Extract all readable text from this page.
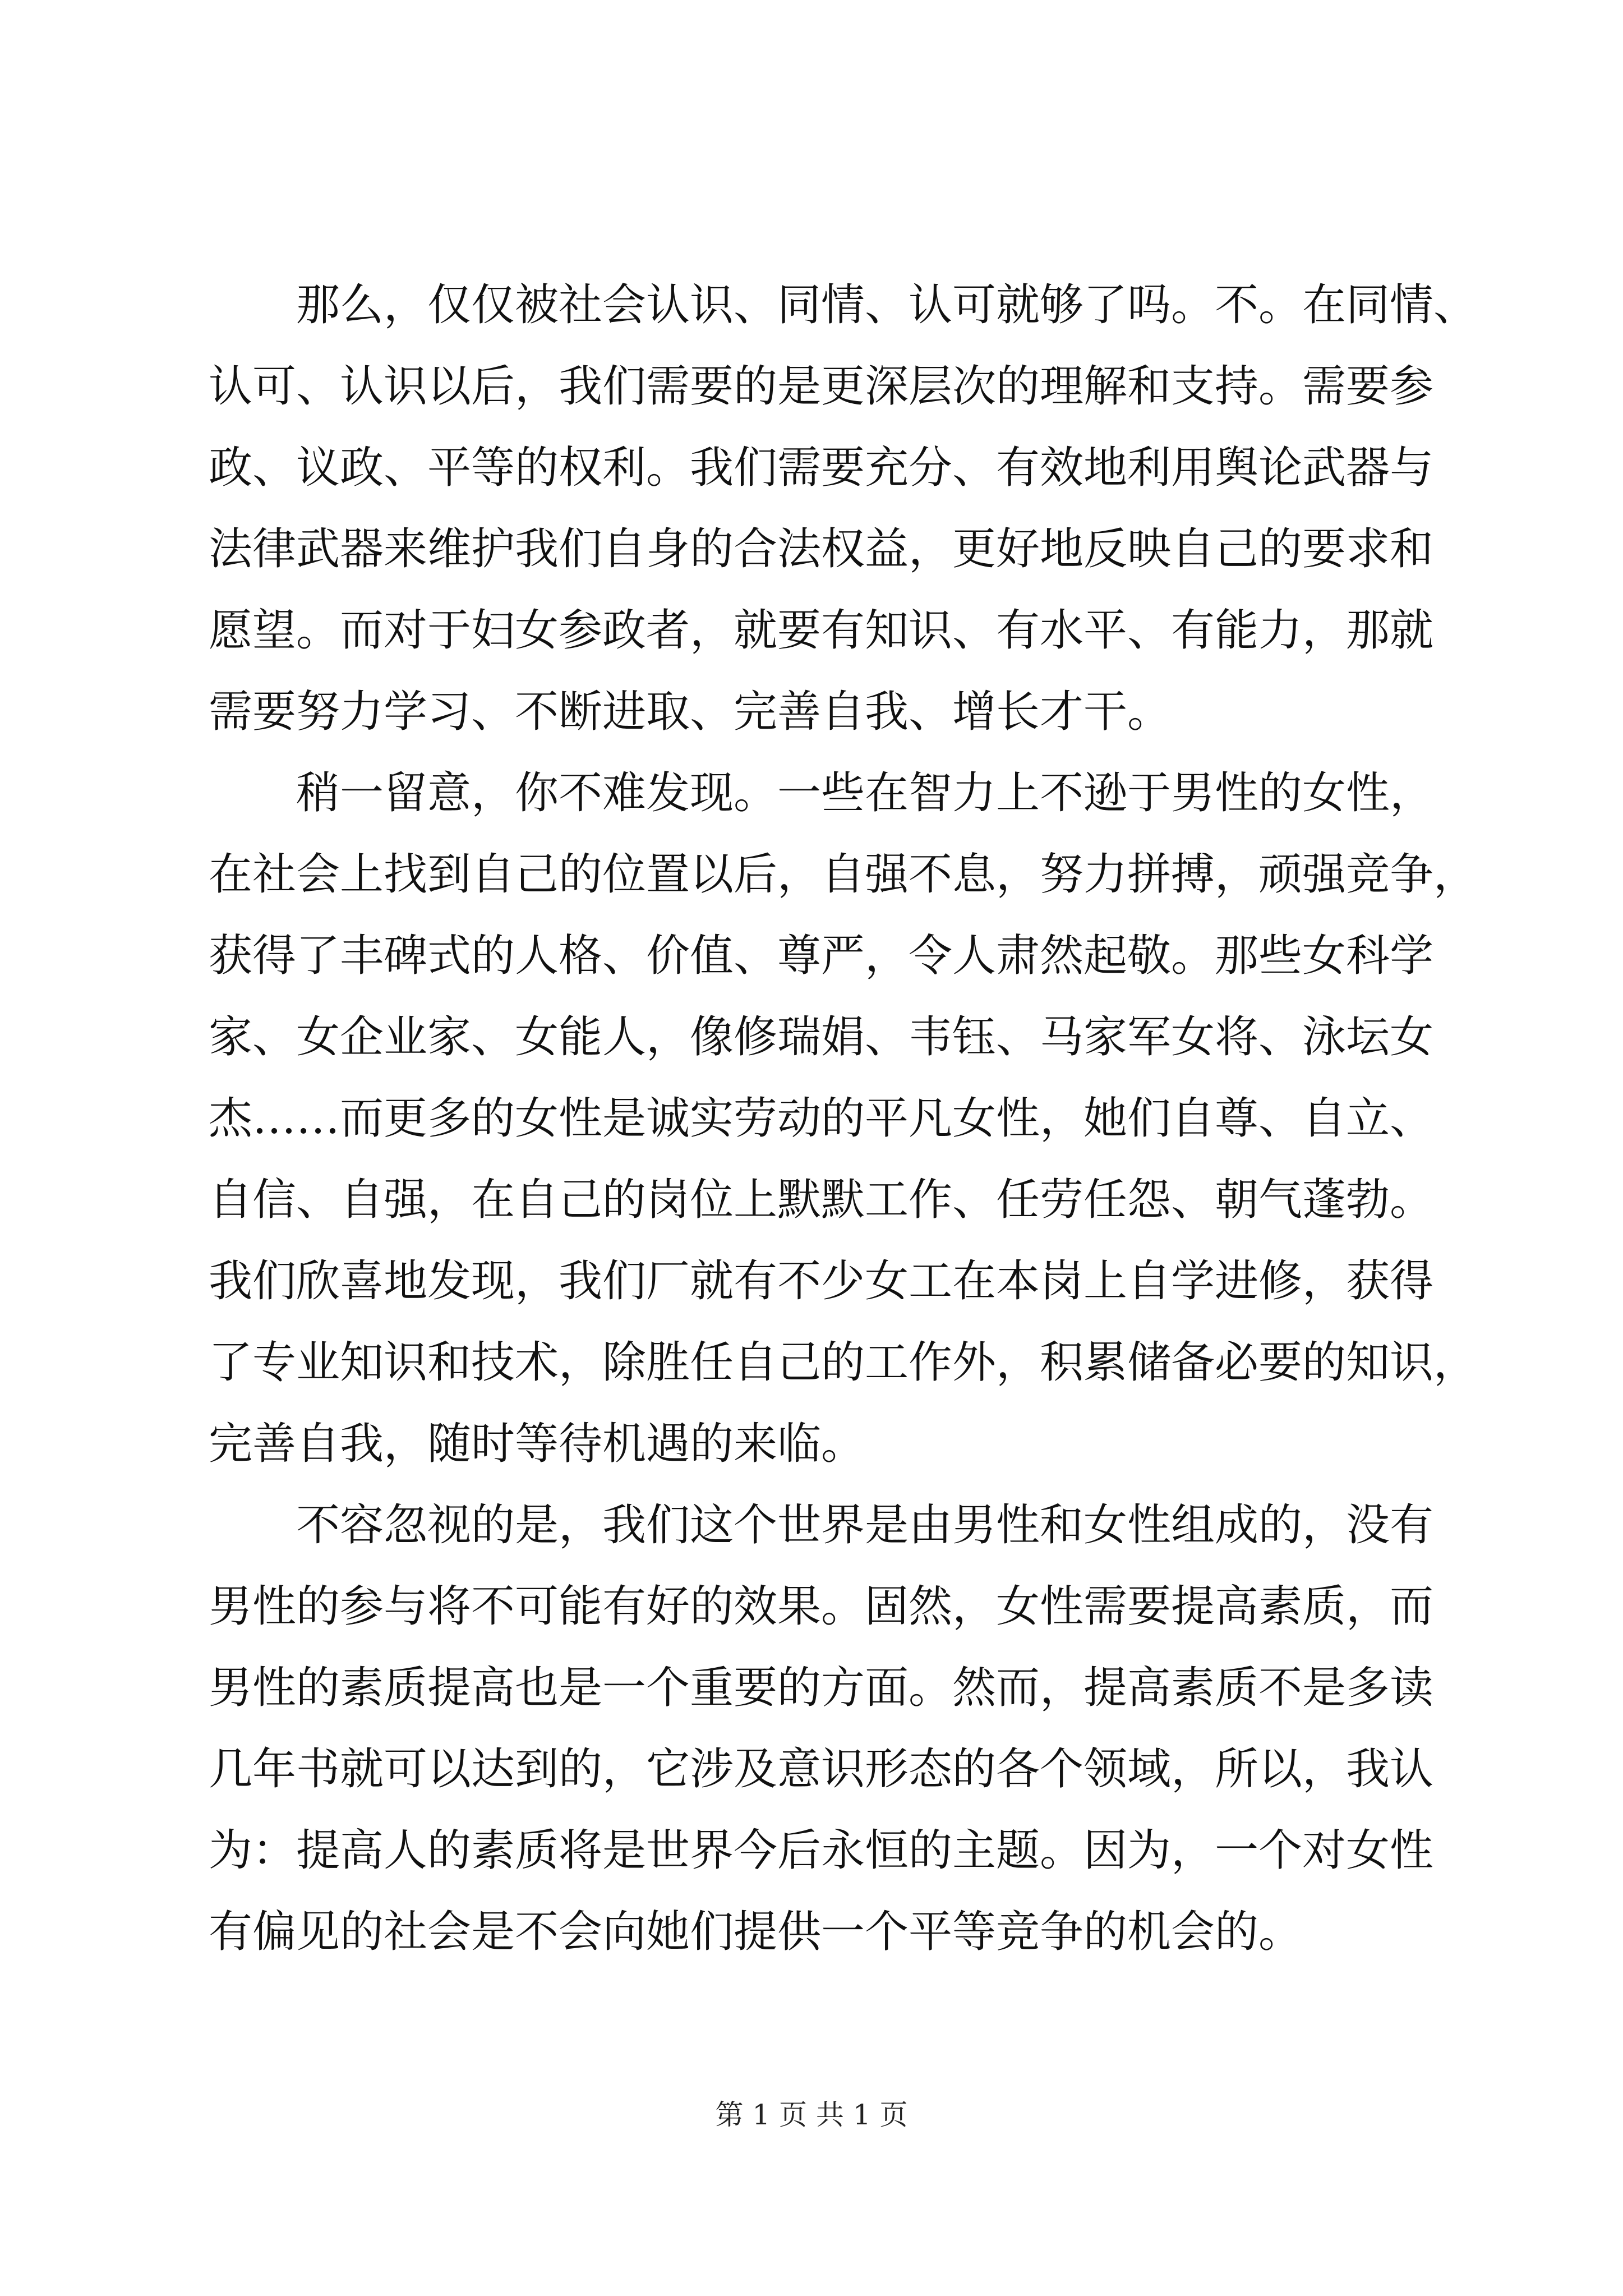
那么，仅仅被社会认识、同情、认可就够了吗。不。在同情、
认可、认识以后，我们需要的是更深层次的理解和支持。需要参
政、议政、平等的权利。我们需要充分、有效地利用舆论武器与
法律武器来维护我们自身的合法权益，更好地反映自己的要求和
愿望。而对于妇女参政者，就要有知识、有水平、有能力，那就
需要努力学习、不断进取、完善自我、增长才干。
稍一留意，你不难发现。一些在智力上不逊于男性的女性，
在社会上找到自己的位置以后，自强不息，努力拼搏，顽强竞争，
获得了丰碑式的人格、价值、尊严，令人肃然起敬。那些女科学
家、女企业家、女能人，像修瑞娟、韦钰、马家军女将、泳坛女
杰……而更多的女性是诚实劳动的平凡女性，她们自尊、自立、
自信、自强，在自己的岗位上默默工作、任劳任怨、朝气蓬勃。
我们欣喜地发现，我们厂就有不少女工在本岗上自学进修，获得
了专业知识和技术，除胜任自己的工作外，积累储备必要的知识，
完善自我，随时等待机遇的来临。
不容忽视的是，我们这个世界是由男性和女性组成的，没有
男性的参与将不可能有好的效果。固然，女性需要提高素质，而
男性的素质提高也是一个重要的方面。然而，提高素质不是多读
几年书就可以达到的，它涉及意识形态的各个领域，所以，我认
为：提高人的素质将是世界今后永恒的主题。因为，一个对女性
有偏见的社会是不会向她们提供一个平等竞争的机会的。
第 1 页 共 1 页
